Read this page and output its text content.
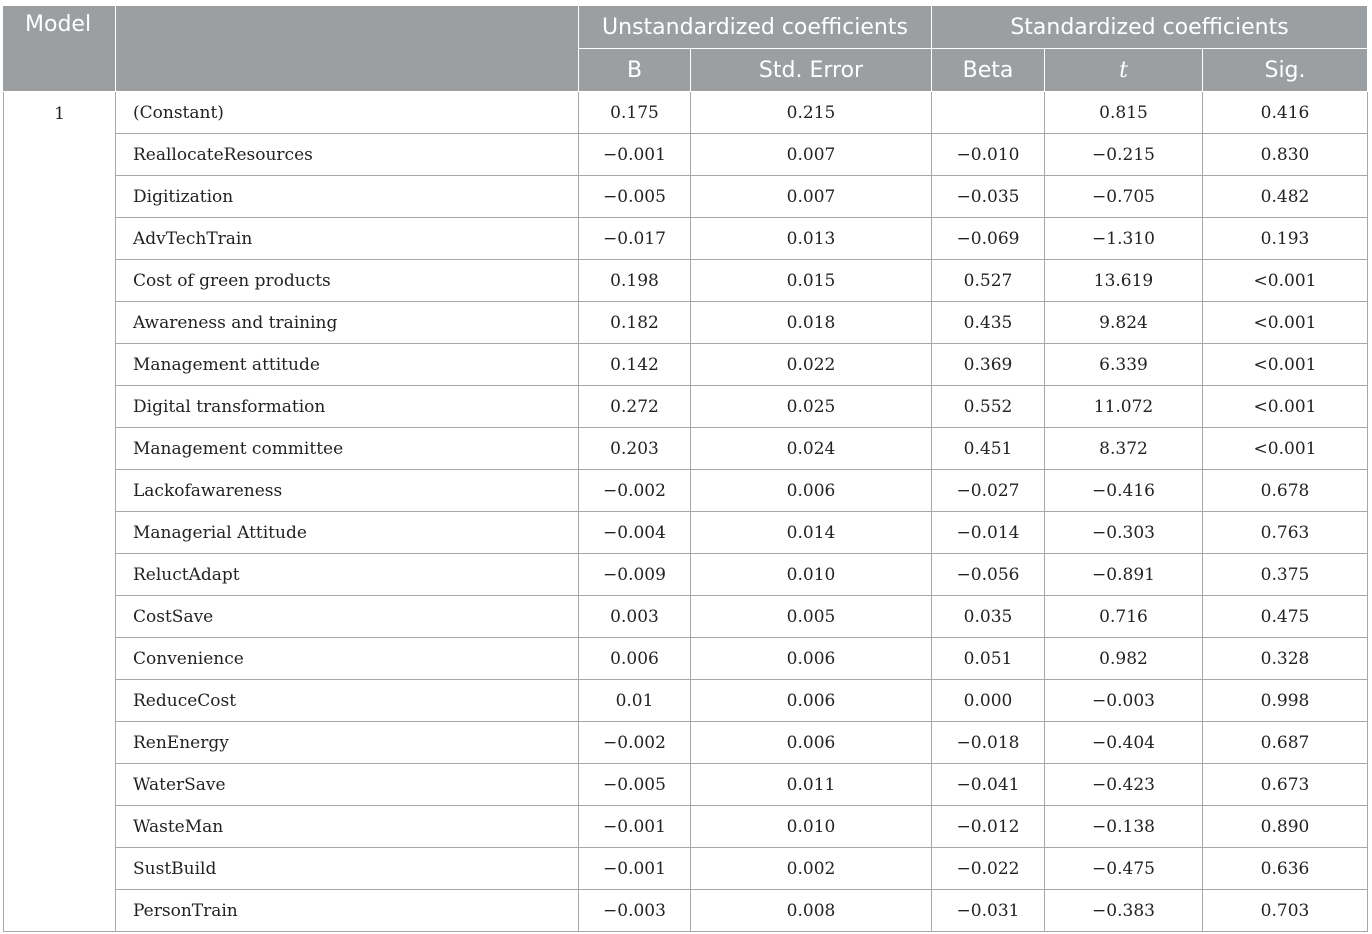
Model		Unstandardized coefficients		Standardized coefficients		
		B	Std. Error	Beta	t	Sig.
1	(Constant)	0.175	0.215		0.815	0.416
	ReallocateResources	−0.001	0.007	−0.010	−0.215	0.830
	Digitization	−0.005	0.007	−0.035	−0.705	0.482
	AdvTechTrain	−0.017	0.013	−0.069	−1.310	0.193
	Cost of green products	0.198	0.015	0.527	13.619	<0.001
	Awareness and training	0.182	0.018	0.435	9.824	<0.001
	Management attitude	0.142	0.022	0.369	6.339	<0.001
	Digital transformation	0.272	0.025	0.552	11.072	<0.001
	Management committee	0.203	0.024	0.451	8.372	<0.001
	Lackofawareness	−0.002	0.006	−0.027	−0.416	0.678
	Managerial Attitude	−0.004	0.014	−0.014	−0.303	0.763
	ReluctAdapt	−0.009	0.010	−0.056	−0.891	0.375
	CostSave	0.003	0.005	0.035	0.716	0.475
	Convenience	0.006	0.006	0.051	0.982	0.328
	ReduceCost	0.01	0.006	0.000	−0.003	0.998
	RenEnergy	−0.002	0.006	−0.018	−0.404	0.687
	WaterSave	−0.005	0.011	−0.041	−0.423	0.673
	WasteMan	−0.001	0.010	−0.012	−0.138	0.890
	SustBuild	−0.001	0.002	−0.022	−0.475	0.636
	PersonTrain	−0.003	0.008	−0.031	−0.383	0.703
